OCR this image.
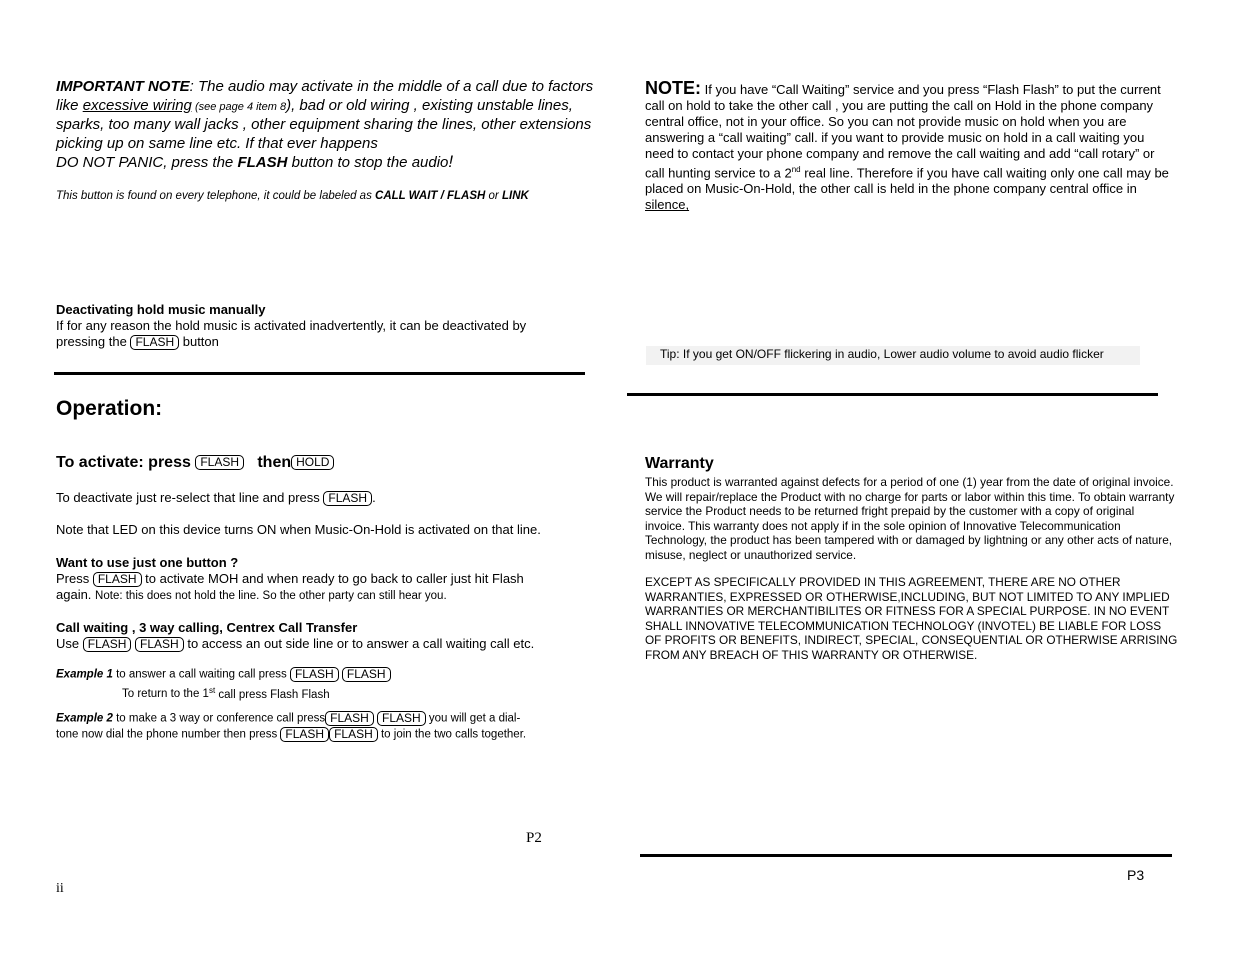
IMPORTANT NOTE: The audio may activate in the middle of a call due to factors like excessive wiring (see page 4 item 8), bad or old wiring , existing unstable lines, sparks, too many wall jacks , other equipment sharing the lines, other extensions picking up on same line etc. If that ever happens
DO NOT PANIC, press the FLASH button to stop the audio!
This button is found on every telephone, it could be labeled as CALL WAIT / FLASH or LINK
Deactivating hold music manually
If for any reason the hold music is activated inadvertently, it can be deactivated by pressing the FLASH button
Operation:
To activate: press FLASH then HOLD
To deactivate just re-select that line and press FLASH .
Note that LED on this device turns ON when Music-On-Hold is activated on that line.
Want to use just one button ?
Press FLASH to activate MOH and when ready to go back to caller just hit Flash
again. Note: this does not hold the line. So the other party can still hear you.
Call waiting , 3 way calling, Centrex Call Transfer
Use FLASH FLASH to access an out side line or to answer a call waiting call etc.
Example 1 to answer a call waiting call press FLASH FLASH
To return to the 1st call press Flash Flash
Example 2 to make a 3 way or conference call press FLASH FLASH you will get a dial-
tone now dial the phone number then press FLASH FLASH to join the two calls together.
P2
ii
NOTE: If you have “Call Waiting” service and you press “Flash Flash” to put the current call on hold to take the other call , you are putting the call on Hold in the phone company central office, not in your office. So you can not provide music on hold when you are answering a “call waiting” call. if you want to provide music on hold in a call waiting you need to contact your phone company and remove the call waiting and add “call rotary” or call hunting service to a 2nd real line. Therefore if you have call waiting only one call may be placed on Music-On-Hold, the other call is held in the phone company central office in silence,
Tip: If you get ON/OFF flickering in audio, Lower audio volume to avoid audio flicker
Warranty
This product is warranted against defects for a period of one (1) year from the date of original invoice. We will repair/replace the Product with no charge for parts or labor within this time. To obtain warranty service the Product needs to be returned fright prepaid by the customer with a copy of original invoice. This warranty does not apply if in the sole opinion of Innovative Telecommunication Technology, the product has been tampered with or damaged by lightning or any other acts of nature, misuse, neglect or unauthorized service.
EXCEPT AS SPECIFICALLY PROVIDED IN THIS AGREEMENT, THERE ARE NO OTHER WARRANTIES, EXPRESSED OR OTHERWISE,INCLUDING, BUT NOT LIMITED TO ANY IMPLIED WARRANTIES OR MERCHANTIBILITES OR FITNESS FOR A SPECIAL PURPOSE. IN NO EVENT SHALL INNOVATIVE TELECOMMUNICATION TECHNOLOGY (INVOTEL) BE LIABLE FOR LOSS OF PROFITS OR BENEFITS, INDIRECT, SPECIAL, CONSEQUENTIAL OR OTHERWISE ARRISING FROM ANY BREACH OF THIS WARRANTY OR OTHERWISE.
P3
